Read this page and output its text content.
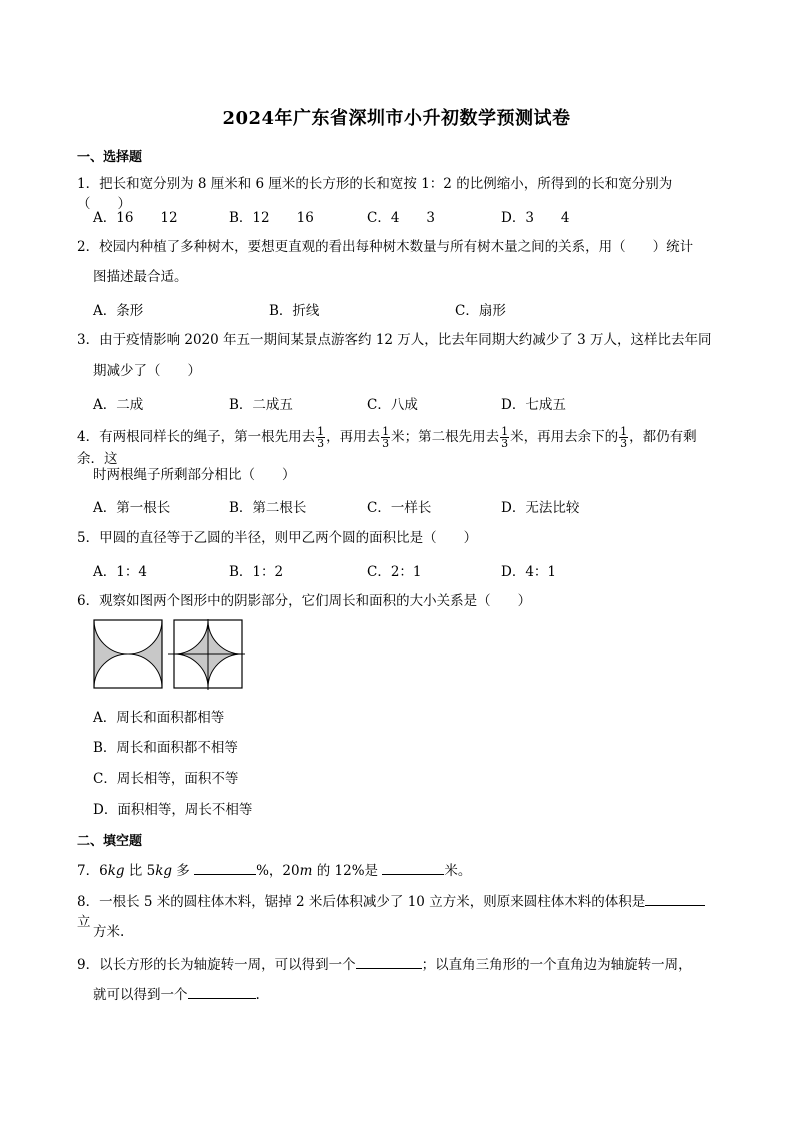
2024年广东省深圳市小升初数学预测试卷
一、选择题
1．把长和宽分别为 8 厘米和 6 厘米的长方形的长和宽按 1：2 的比例缩小，所得到的长和宽分别为（　　）
A．16　　12	B．12　　16	C．4　　3	D．3　　4
2．校园内种植了多种树木，要想更直观的看出每种树木数量与所有树木量之间的关系，用（　　）统计
图描述最合适。
A．条形	B．折线	C．扇形
3．由于疫情影响 2020 年五一期间某景点游客约 12 万人，比去年同期大约减少了 3 万人，这样比去年同
期减少了（　　）
A．二成	B．二成五	C．八成	D．七成五
4．有两根同样长的绳子，第一根先用去 $\frac{1}{3}$ ，再用去 $\frac{1}{3}$ 米；第二根先用去 $\frac{1}{3}$ 米，再用去余下的 $\frac{1}{3}$ ，都仍有剩余．这
时两根绳子所剩部分相比（　　）
A．第一根长	B．第二根长	C．一样长	D．无法比较
5．甲圆的直径等于乙圆的半径，则甲乙两个圆的面积比是（　　）
A．1：4	B．1：2	C．2：1	D．4：1
6．观察如图两个图形中的阴影部分，它们周长和面积的大小关系是（　　）
A．周长和面积都相等
B．周长和面积都不相等
C．周长相等，面积不等
D．面积相等，周长不相等
二、填空题
7．6kg 比 5kg 多	%，20m 的 12%是	米。
8．一根长 5 米的圆柱体木料，锯掉 2 米后体积减少了 10 立方米，则原来圆柱体木料的体积是立
方米.
9．以长方形的长为轴旋转一周，可以得到一个	；以直角三角形的一个直角边为轴旋转一周，
就可以得到一个	.
